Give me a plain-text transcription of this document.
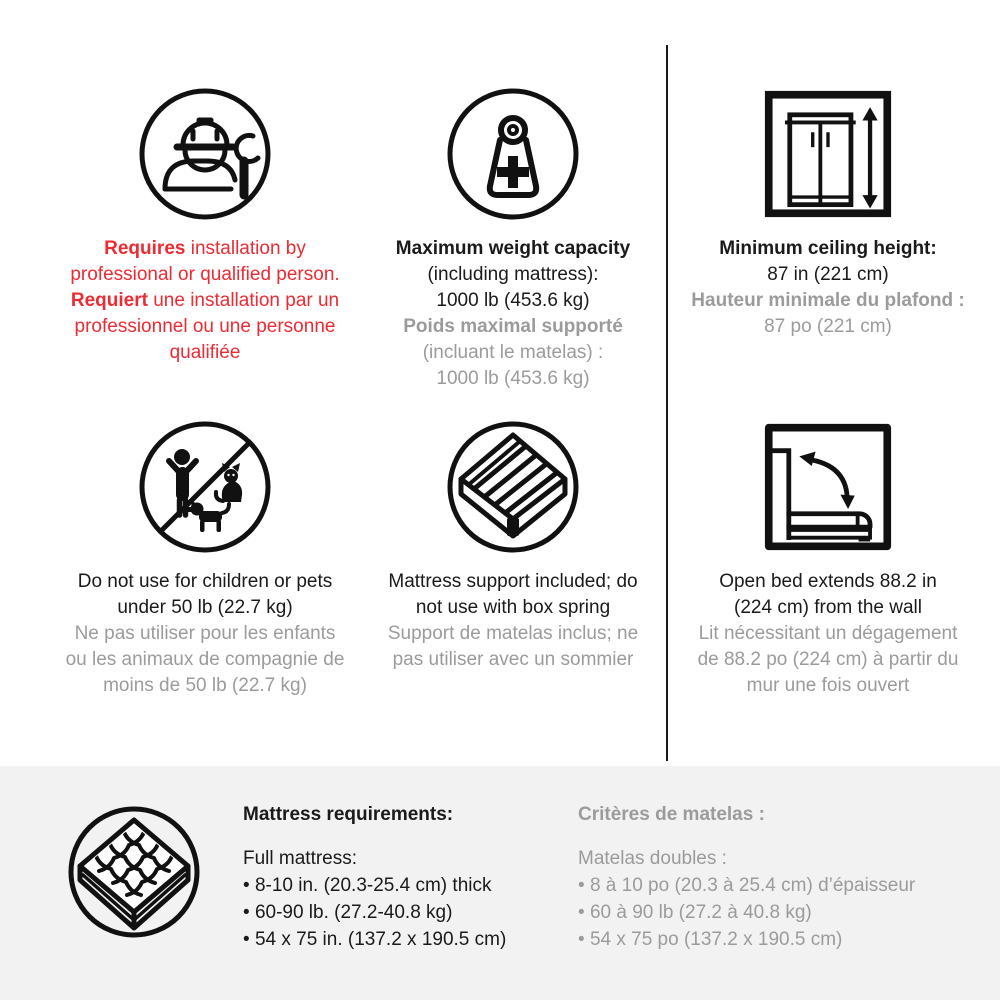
Requires installation by

professional or qualified person.

Requiert une installation par un

professionnel ou une personne

qualifiée

Maximum weight capacity

(including mattress):

1000 lb (453.6 kg)

Poids maximal supporté

(incluant le matelas) :

1000 lb (453.6 kg)

Minimum ceiling height:

87 in (221 cm)

Hauteur minimale du plafond :

87 po (221 cm)

Do not use for children or pets

under 50 lb (22.7 kg)

Ne pas utiliser pour les enfants

ou les animaux de compagnie de

moins de 50 lb (22.7 kg)

Mattress support included; do

not use with box spring

Support de matelas inclus; ne

pas utiliser avec un sommier

Open bed extends 88.2 in

(224 cm) from the wall

Lit nécessitant un dégagement

de 88.2 po (224 cm) à partir du

mur une fois ouvert

Mattress requirements:

Full mattress:

• 8-10 in. (20.3-25.4 cm) thick

• 60-90 lb. (27.2-40.8 kg)

• 54 x 75 in. (137.2 x 190.5 cm)

Critères de matelas :

Matelas doubles :

• 8 à 10 po (20.3 à 25.4 cm) d’épaisseur

• 60 à 90 lb (27.2 à 40.8 kg)

• 54 x 75 po (137.2 x 190.5 cm)
